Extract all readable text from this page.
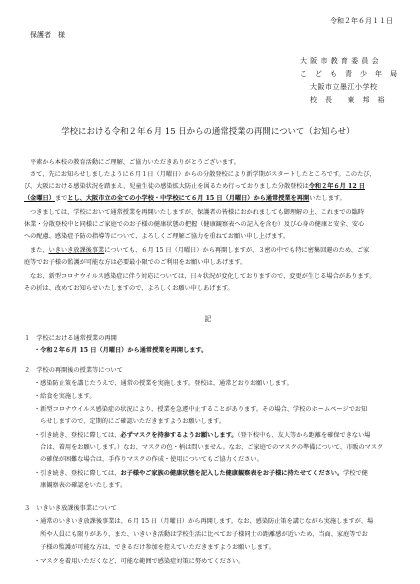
令和２年６月１１日
保護者　様
大 阪 市 教 育 委 員 会
こ　ど　も　青　少　年　局
大阪市立墨江小学校
校　長　　東　邦　裕
学校における令和２年６月 15 日からの通常授業の再開について（お知らせ）
平素から本校の教育活動にご理解、ご協力いただきありがとうございます。
さて、先にお知らせしましたように６月１日（月曜日）からの分散登校により新学期がスタートしたところです。このたび、
び、大阪における感染状況を踏まえ、児童生徒の感染拡大防止を図るため行っておりました分散登校は令和２年６月 12 日
（金曜日）までとし、大阪市立の全ての小学校・中学校にて６月 15 日（月曜日）から通常授業を再開いたします。
つきましては、学校において通常授業を再開いたしますが、保護者の皆様におかれましても御理解の上、これまでの臨時
休業・分散登校中と同様にご家庭でのお子様の健康状態の把握（健康観察表への記入を含む）及び心身の健康と安全、安心
への配慮、感染症予防の指導等について、よろしくご理解ご協力を重ねてお願い申し上げます。
また、いきいき放課後事業についても、６月 15 日（月曜日）から再開しますが、３密の中でも特に密集回避のため、ご家
庭等でお子様の監護が可能な方は必要最小限でのご利用をお願い申しあげます。
なお、新型コロナウイルス感染症に伴う対応については、日々状況が変化しておりますので、変更が生じる場合があります。
その折は、改めてお知らせいたしますので、よろしくお願い申しあげます。
記
１　学校における通常授業の再開
・令和２年６月 15 日（月曜日）から通常授業を再開します。
２　学校の再開後の授業等について
・感染防止策を講じたうえで、通常の授業を実施します。登校は、通常どおりお願いします。
・給食を実施します。
・新型コロナウイルス感染症の状況により、授業を急遽中止することがあります。その場合、学校のホームページでお知
　らせしますので、定期的にご確認いただきますようお願いします。
・引き続き、登校に際しては、必ずマスクを持参するようお願いします。（登下校中も、友人等から距離を確保できない場
　合は、着用をお願いします。）なお、マスクの色・柄は問いません。なお、ご家庭でのマスクの準備について、市販のマスク
　の確保が困難な場合は、手作りマスクの作成・使用についてもご協力ください。
・引き続き、登校に際しては、お子様やご家族の健康状態を記入した健康観察表をお子様に持たせてください。学校で健
　康観察表の確認をいたします。
３　いきいき放課後事業について
・通常のいきいき放課後事業は、６月 15 日（月曜日）から再開します。なお、感染防止策を講じながら実施しますが、場
　所や人員にも限りがあり、また、いきいき活動は学校生活に比べてお子様同士の距離感が近いため、当面、家庭等でお
　子様の監護が可能な方は、できるだけ参加を控えていただきますようお願いします。
・マスクを着用いただくなど、可能な範囲で感染症対策に努めてください。
